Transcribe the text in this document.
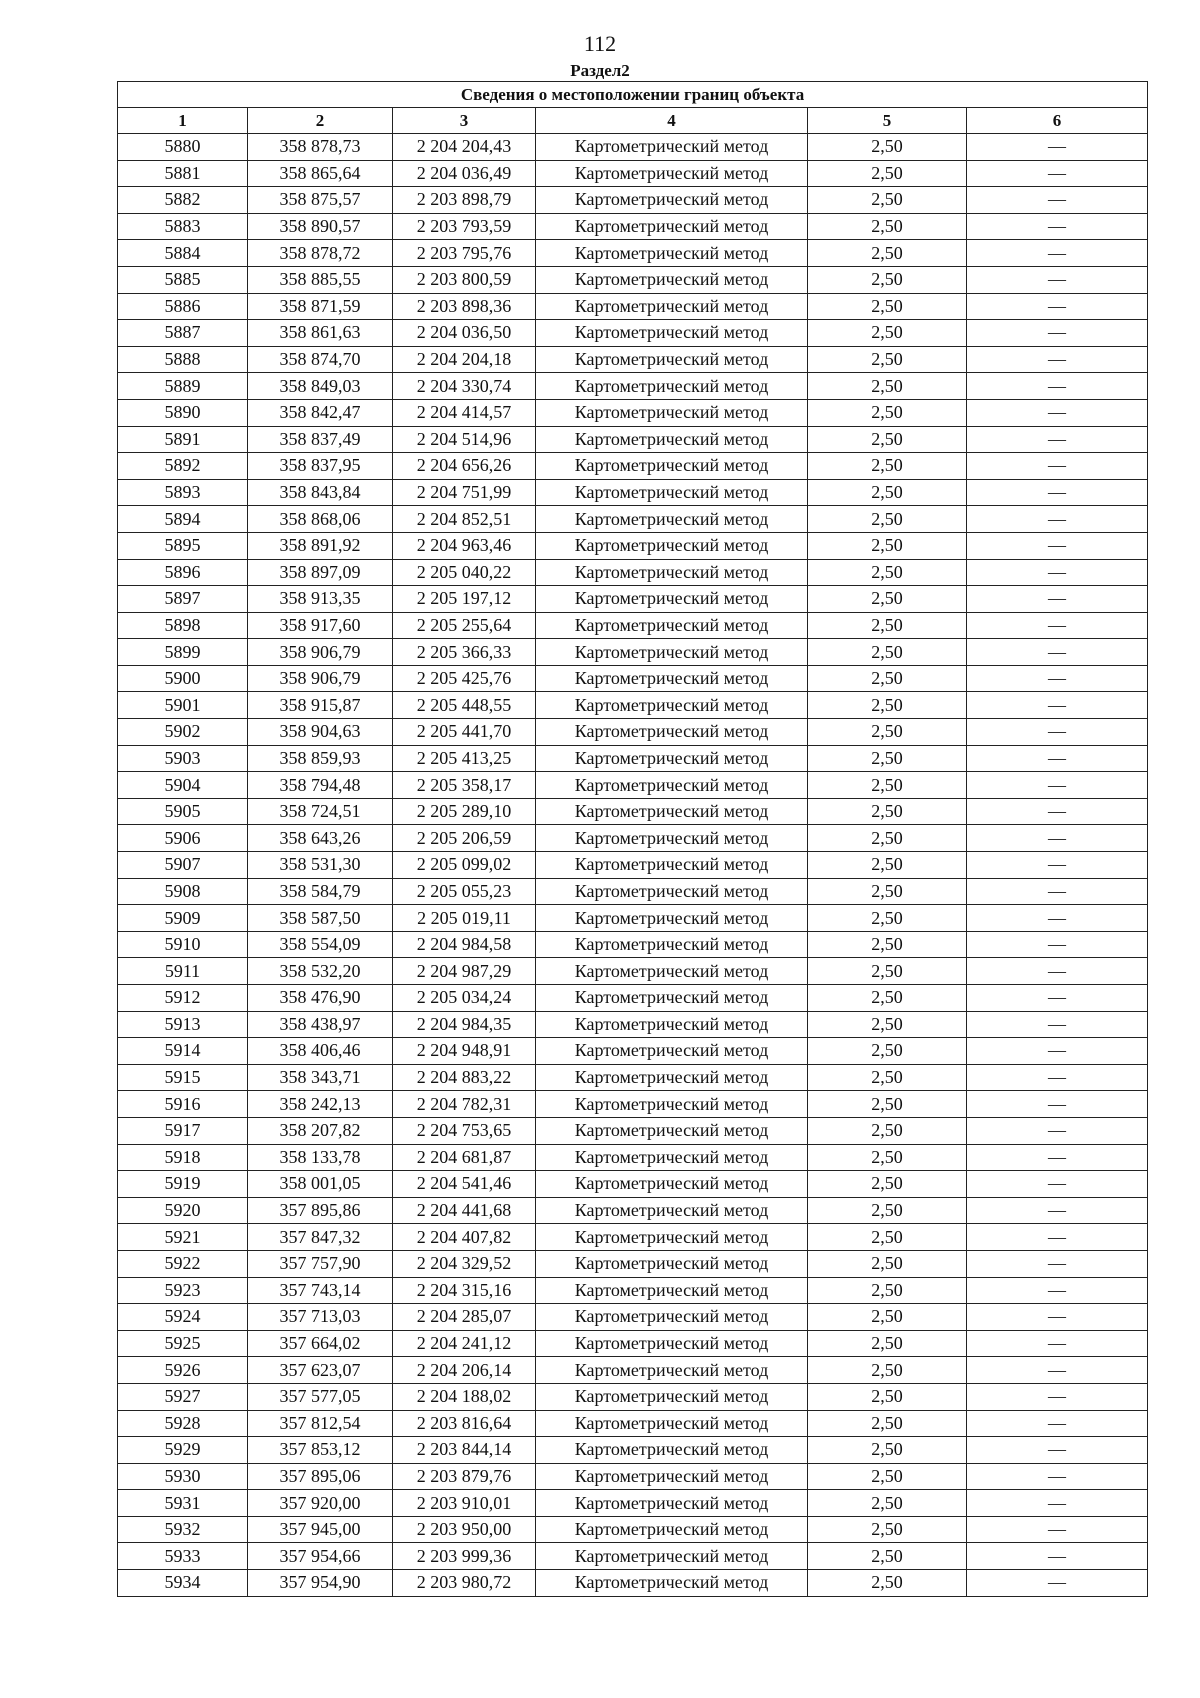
112
Раздел2
Сведения о местоположении границ объекта					
1	2	3	4	5	6
5880	358 878,73	2 204 204,43	Картометрический метод	2,50	—
5881	358 865,64	2 204 036,49	Картометрический метод	2,50	—
5882	358 875,57	2 203 898,79	Картометрический метод	2,50	—
5883	358 890,57	2 203 793,59	Картометрический метод	2,50	—
5884	358 878,72	2 203 795,76	Картометрический метод	2,50	—
5885	358 885,55	2 203 800,59	Картометрический метод	2,50	—
5886	358 871,59	2 203 898,36	Картометрический метод	2,50	—
5887	358 861,63	2 204 036,50	Картометрический метод	2,50	—
5888	358 874,70	2 204 204,18	Картометрический метод	2,50	—
5889	358 849,03	2 204 330,74	Картометрический метод	2,50	—
5890	358 842,47	2 204 414,57	Картометрический метод	2,50	—
5891	358 837,49	2 204 514,96	Картометрический метод	2,50	—
5892	358 837,95	2 204 656,26	Картометрический метод	2,50	—
5893	358 843,84	2 204 751,99	Картометрический метод	2,50	—
5894	358 868,06	2 204 852,51	Картометрический метод	2,50	—
5895	358 891,92	2 204 963,46	Картометрический метод	2,50	—
5896	358 897,09	2 205 040,22	Картометрический метод	2,50	—
5897	358 913,35	2 205 197,12	Картометрический метод	2,50	—
5898	358 917,60	2 205 255,64	Картометрический метод	2,50	—
5899	358 906,79	2 205 366,33	Картометрический метод	2,50	—
5900	358 906,79	2 205 425,76	Картометрический метод	2,50	—
5901	358 915,87	2 205 448,55	Картометрический метод	2,50	—
5902	358 904,63	2 205 441,70	Картометрический метод	2,50	—
5903	358 859,93	2 205 413,25	Картометрический метод	2,50	—
5904	358 794,48	2 205 358,17	Картометрический метод	2,50	—
5905	358 724,51	2 205 289,10	Картометрический метод	2,50	—
5906	358 643,26	2 205 206,59	Картометрический метод	2,50	—
5907	358 531,30	2 205 099,02	Картометрический метод	2,50	—
5908	358 584,79	2 205 055,23	Картометрический метод	2,50	—
5909	358 587,50	2 205 019,11	Картометрический метод	2,50	—
5910	358 554,09	2 204 984,58	Картометрический метод	2,50	—
5911	358 532,20	2 204 987,29	Картометрический метод	2,50	—
5912	358 476,90	2 205 034,24	Картометрический метод	2,50	—
5913	358 438,97	2 204 984,35	Картометрический метод	2,50	—
5914	358 406,46	2 204 948,91	Картометрический метод	2,50	—
5915	358 343,71	2 204 883,22	Картометрический метод	2,50	—
5916	358 242,13	2 204 782,31	Картометрический метод	2,50	—
5917	358 207,82	2 204 753,65	Картометрический метод	2,50	—
5918	358 133,78	2 204 681,87	Картометрический метод	2,50	—
5919	358 001,05	2 204 541,46	Картометрический метод	2,50	—
5920	357 895,86	2 204 441,68	Картометрический метод	2,50	—
5921	357 847,32	2 204 407,82	Картометрический метод	2,50	—
5922	357 757,90	2 204 329,52	Картометрический метод	2,50	—
5923	357 743,14	2 204 315,16	Картометрический метод	2,50	—
5924	357 713,03	2 204 285,07	Картометрический метод	2,50	—
5925	357 664,02	2 204 241,12	Картометрический метод	2,50	—
5926	357 623,07	2 204 206,14	Картометрический метод	2,50	—
5927	357 577,05	2 204 188,02	Картометрический метод	2,50	—
5928	357 812,54	2 203 816,64	Картометрический метод	2,50	—
5929	357 853,12	2 203 844,14	Картометрический метод	2,50	—
5930	357 895,06	2 203 879,76	Картометрический метод	2,50	—
5931	357 920,00	2 203 910,01	Картометрический метод	2,50	—
5932	357 945,00	2 203 950,00	Картометрический метод	2,50	—
5933	357 954,66	2 203 999,36	Картометрический метод	2,50	—
5934	357 954,90	2 203 980,72	Картометрический метод	2,50	—
